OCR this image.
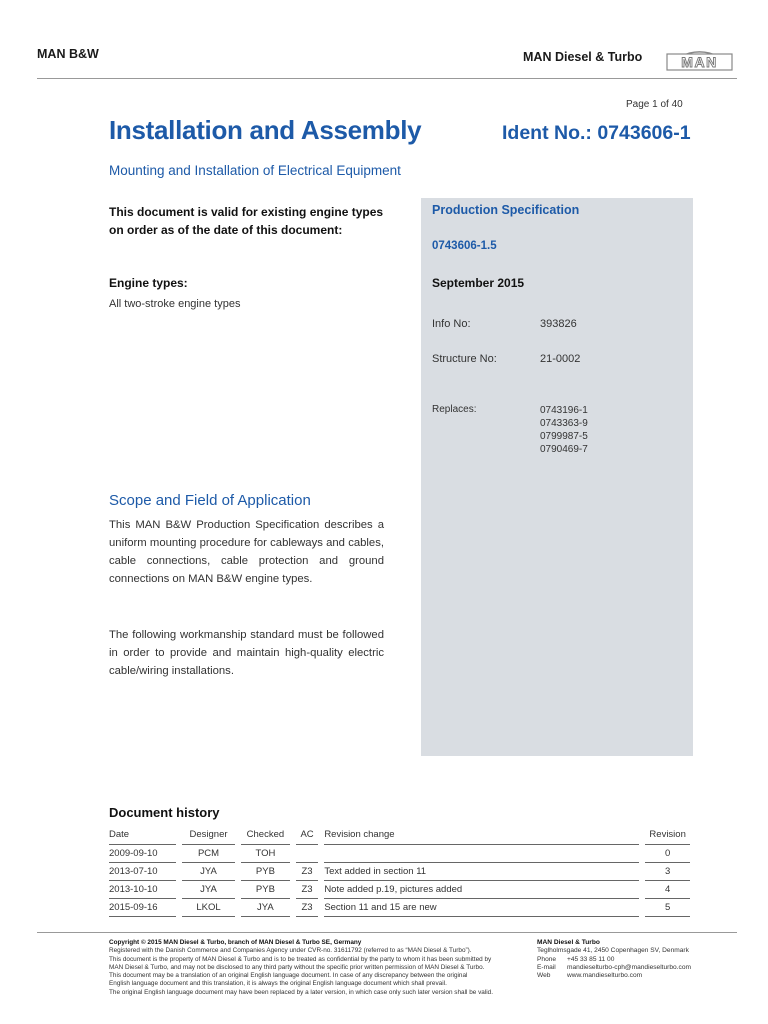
MAN B&W	MAN Diesel & Turbo	MAN
Page 1 of 40
Installation and Assembly	Ident No.: 0743606-1
Mounting and Installation of Electrical Equipment
This document is valid for existing engine types on order as of the date of this document:
Engine types:
All two-stroke engine types
Production Specification
0743606-1.5
September 2015
Info No:	393826
Structure No:	21-0002
Replaces:	0743196-1
0743363-9
0799987-5
0790469-7
Scope and Field of Application
This MAN B&W Production Specification describes a uniform mounting procedure for cableways and cables, cable connections, cable protection and ground connections on MAN B&W engine types.
The following workmanship standard must be followed in order to provide and maintain high-quality electric cable/wiring installations.
Document history
Date		Designer		Checked		AC		Revision change		Revision
2009-09-10		PCM		TOH						0
2013-07-10		JYA		PYB		Z3		Text added in section 11		3
2013-10-10		JYA		PYB		Z3		Note added p.19, pictures added		4
2015-09-16		LKOL		JYA		Z3		Section 11 and 15 are new		5
Copyright © 2015 MAN Diesel & Turbo, branch of MAN Diesel & Turbo SE, Germany
Registered with the Danish Commerce and Companies Agency under CVR-no. 31611792 (referred to as “MAN Diesel & Turbo”).
This document is the property of MAN Diesel & Turbo and is to be treated as confidential by the party to whom it has been submitted by
MAN Diesel & Turbo, and may not be disclosed to any third party without the specific prior written permission of MAN Diesel & Turbo.
This document may be a translation of an original English language document. In case of any discrepancy between the original
English language document and this translation, it is always the original English language document which shall prevail.
The original English language document may have been replaced by a later version, in which case only such later version shall be valid.
MAN Diesel & Turbo
Teglholmsgade 41, 2450 Copenhagen SV, Denmark
Phone +45 33 85 11 00
E-mail mandieselturbo-cph@mandieselturbo.com
Web	www.mandieselturbo.com
